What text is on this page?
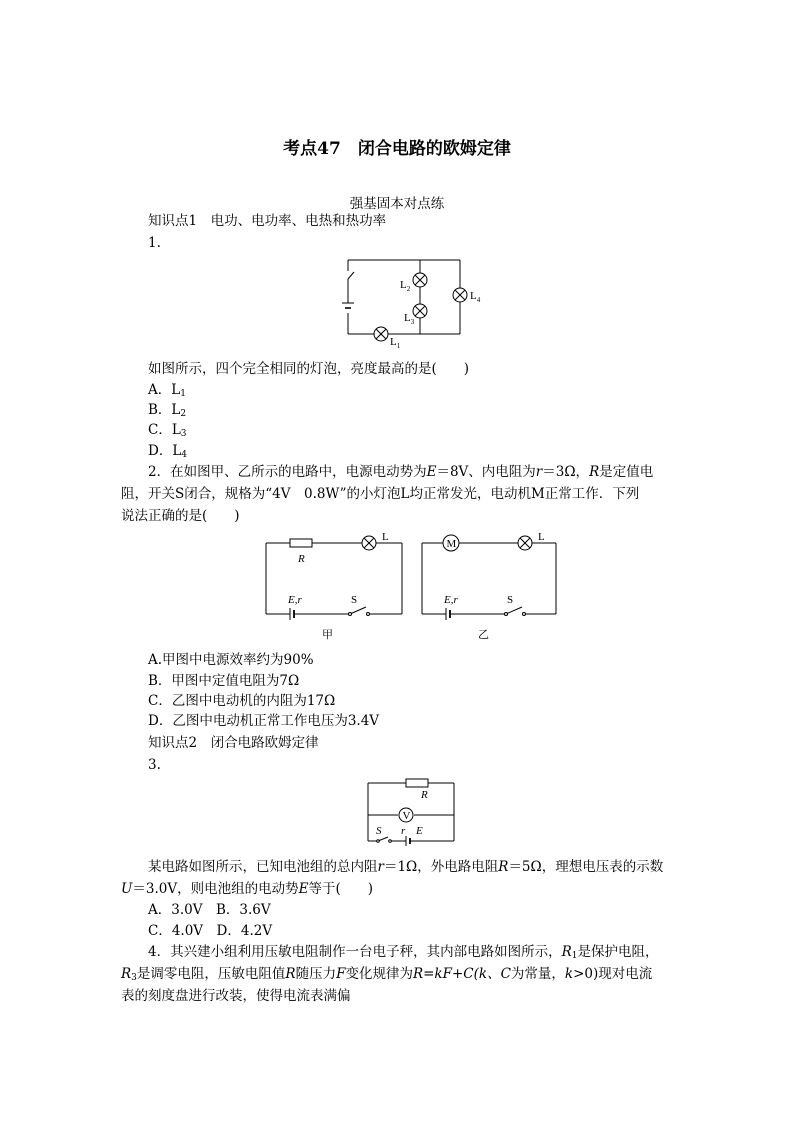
考点47　闭合电路的欧姆定律
强基固本对点练
知识点1　电功、电功率、电热和热功率
1.
$L_2$
$L_3$
$L_4$
$L_1$
如图所示，四个完全相同的灯泡，亮度最高的是(　　)
A．$L_1$
B．$L_2$
C．$L_3$
D．$L_4$
2．在如图甲、乙所示的电路中，电源电动势为E＝8V、内电阻为r＝3Ω，R是定值电
阻，开关S闭合，规格为“4V　0.8W”的小灯泡L均正常发光，电动机M正常工作．下列
说法正确的是(　　)
L
R
E,r	S
甲
M
L
E,r	S
乙
A.甲图中电源效率约为90%
B．甲图中定值电阻为7Ω
C．乙图中电动机的内阻为17Ω
D．乙图中电动机正常工作电压为3.4V
知识点2　闭合电路欧姆定律
3.
V
R
S r E
某电路如图所示，已知电池组的总内阻r＝1Ω，外电路电阻R＝5Ω，理想电压表的示数
U＝3.0V，则电池组的电动势E等于(　　)
A．3.0V　B．3.6V
C．4.0V　D．4.2V
4．其兴建小组利用压敏电阻制作一台电子秤，其内部电路如图所示，$R_1$是保护电阻，
$R_3$是调零电阻，压敏电阻值R随压力F变化规律为R=kF+C(k、C为常量，k>0)现对电流
表的刻度盘进行改装，使得电流表满偏
